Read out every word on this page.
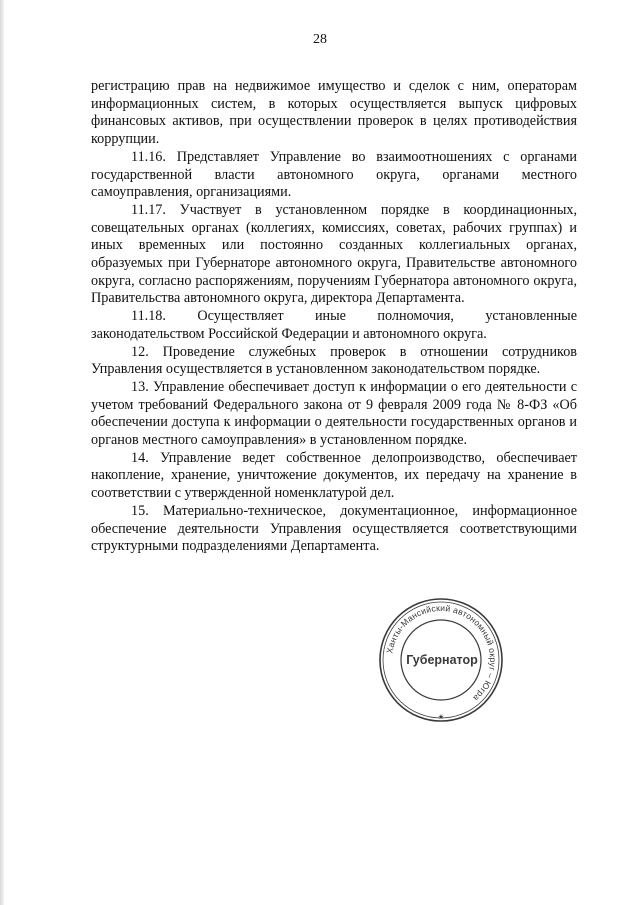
28

регистрацию прав на недвижимое имущество и сделок с ним, операторам информационных систем, в которых осуществляется выпуск цифровых финансовых активов, при осуществлении проверок в целях противодействия коррупции.

11.16. Представляет Управление во взаимоотношениях с органами государственной власти автономного округа, органами местного самоуправления, организациями.

11.17. Участвует в установленном порядке в координационных, совещательных органах (коллегиях, комиссиях, советах, рабочих группах) и иных временных или постоянно созданных коллегиальных органах, образуемых при Губернаторе автономного округа, Правительстве автономного округа, согласно распоряжениям, поручениям Губернатора автономного округа, Правительства автономного округа, директора Департамента.

11.18. Осуществляет иные полномочия, установленные законодательством Российской Федерации и автономного округа.

12. Проведение служебных проверок в отношении сотрудников Управления осуществляется в установленном законодательством порядке.

13. Управление обеспечивает доступ к информации о его деятельности с учетом требований Федерального закона от 9 февраля 2009 года № 8-ФЗ «Об обеспечении доступа к информации о деятельности государственных органов и органов местного самоуправления» в установленном порядке.

14. Управление ведет собственное делопроизводство, обеспечивает накопление, хранение, уничтожение документов, их передачу на хранение в соответствии с утвержденной номенклатурой дел.

15. Материально-техническое, документационное, информационное обеспечение деятельности Управления осуществляется соответствующими структурными подразделениями Департамента.

Ханты-Мансийский автономный округ – Югра
Губернатор
★
